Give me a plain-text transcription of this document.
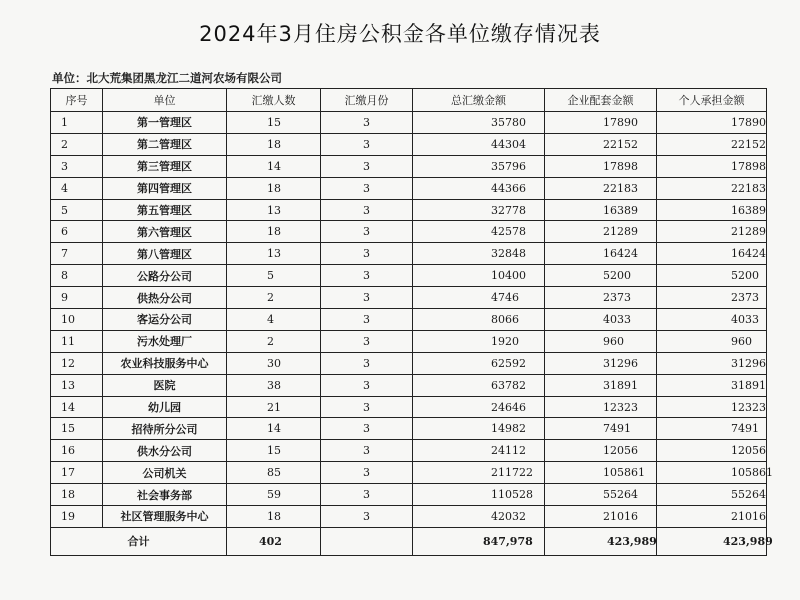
2024年3月住房公积金各单位缴存情况表
单位：北大荒集团黑龙江二道河农场有限公司
序号	单位	汇缴人数	汇缴月份	总汇缴金额	企业配套金额	个人承担金额
1	第一管理区	15	3	35780	17890	17890
2	第二管理区	18	3	44304	22152	22152
3	第三管理区	14	3	35796	17898	17898
4	第四管理区	18	3	44366	22183	22183
5	第五管理区	13	3	32778	16389	16389
6	第六管理区	18	3	42578	21289	21289
7	第八管理区	13	3	32848	16424	16424
8	公路分公司	5	3	10400	5200	5200
9	供热分公司	2	3	4746	2373	2373
10	客运分公司	4	3	8066	4033	4033
11	污水处理厂	2	3	1920	960	960
12	农业科技服务中心	30	3	62592	31296	31296
13	医院	38	3	63782	31891	31891
14	幼儿园	21	3	24646	12323	12323
15	招待所分公司	14	3	14982	7491	7491
16	供水分公司	15	3	24112	12056	12056
17	公司机关	85	3	211722	105861	105861
18	社会事务部	59	3	110528	55264	55264
19	社区管理服务中心	18	3	42032	21016	21016
合计		402		847,978	423,989	423,989
